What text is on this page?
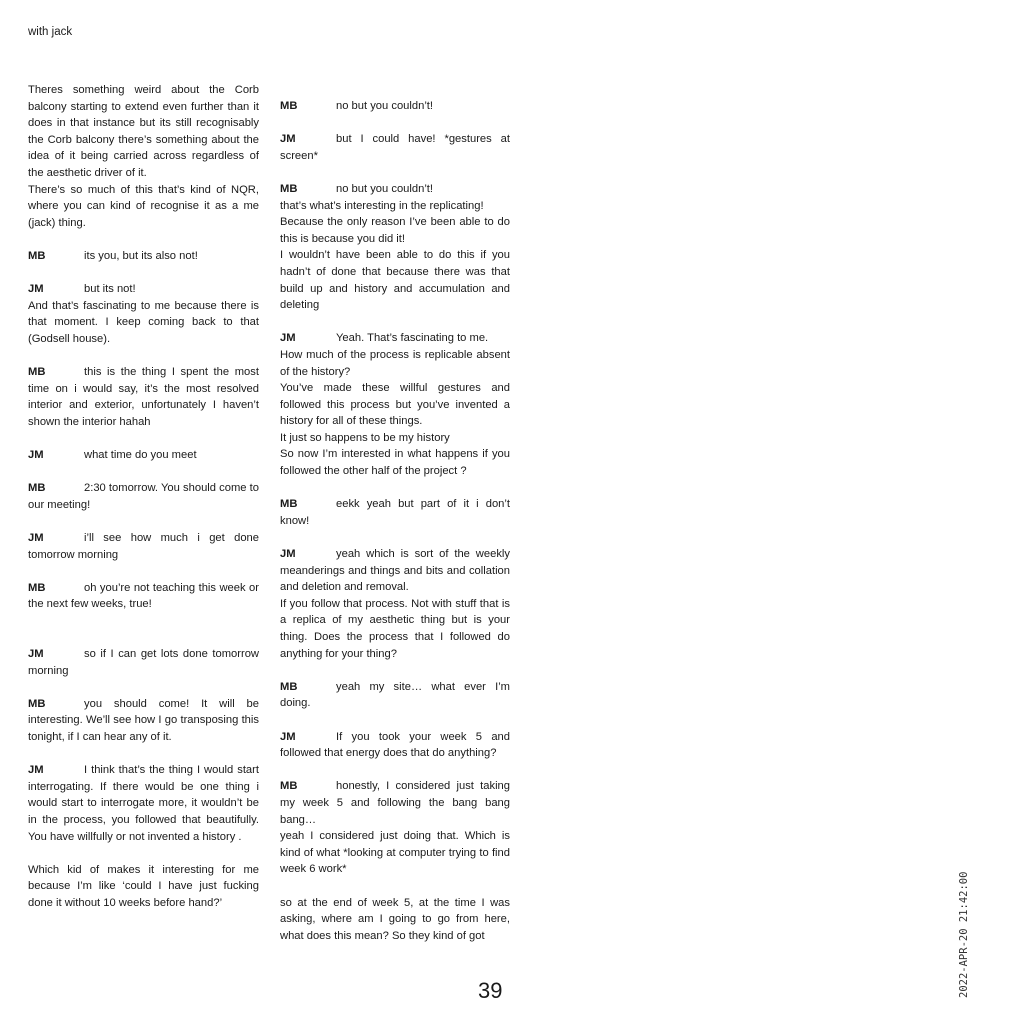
with jack

Theres something weird about the Corb balcony starting to extend even further than it does in that instance but its still recognisably the Corb balcony there’s something about the idea of it being carried across regardless of the aesthetic driver of it.

There’s so much of this that’s kind of NQR, where you can kind of recognise it as a me (jack) thing.

MB	its you, but its also not!

JM	but its not!

And that’s fascinating to me because there is that moment. I keep coming back to that (Godsell house).

MB	this is the thing I spent the most time on i would say, it’s the most resolved interior and exterior, unfortunately I haven’t shown the interior hahah

JM	what time do you meet

MB	2:30 tomorrow. You should come to our meeting!

JM	i’ll see how much i get done tomorrow morning

MB	oh you’re not teaching this week or the next few weeks, true!

JM	so if I can get lots done tomorrow morning

MB	you should come! It will be interesting. We’ll see how I go transposing this tonight, if I can hear any of it.

JM	I think that’s the thing I would start interrogating. If there would be one thing i would start to interrogate more, it wouldn’t be in the process, you followed that beautifully. You have willfully or not invented a history .

Which kid of makes it interesting for me because I’m like ‘could I have just fucking done it without 10 weeks before hand?’

MB	no but you couldn’t!

JM	but I could have! *gestures at screen*

MB	no but you couldn’t!

that’s what’s interesting in the replicating!

Because the only reason I’ve been able to do this is because you did it!

I wouldn’t have been able to do this if you hadn’t of done that because there was that build up and history and accumulation and deleting

JM	Yeah. That’s fascinating to me.

How much of the process is replicable absent of the history?

You’ve made these willful gestures and followed this process but you’ve invented a history for all of these things.

It just so happens to be my history

So now I’m interested in what happens if you followed the other half of the project ?

MB	eekk yeah but part of it i don’t know!

JM	yeah which is sort of the weekly meanderings and things and bits and collation and deletion and removal.

If you follow that process. Not with stuff that is a replica of my aesthetic thing but is your thing. Does the process that I followed do anything for your thing?

MB	yeah my site… what ever I’m doing.

JM	If you took your week 5 and followed that energy does that do anything?

MB	honestly, I considered just taking my week 5 and following the bang bang bang…

yeah I considered just doing that. Which is kind of what *looking at computer trying to find week 6 work*

so at the end of week 5, at the time I was asking, where am I going to go from here, what does this mean? So they kind of got

39	2022-APR-20 21:42:00
